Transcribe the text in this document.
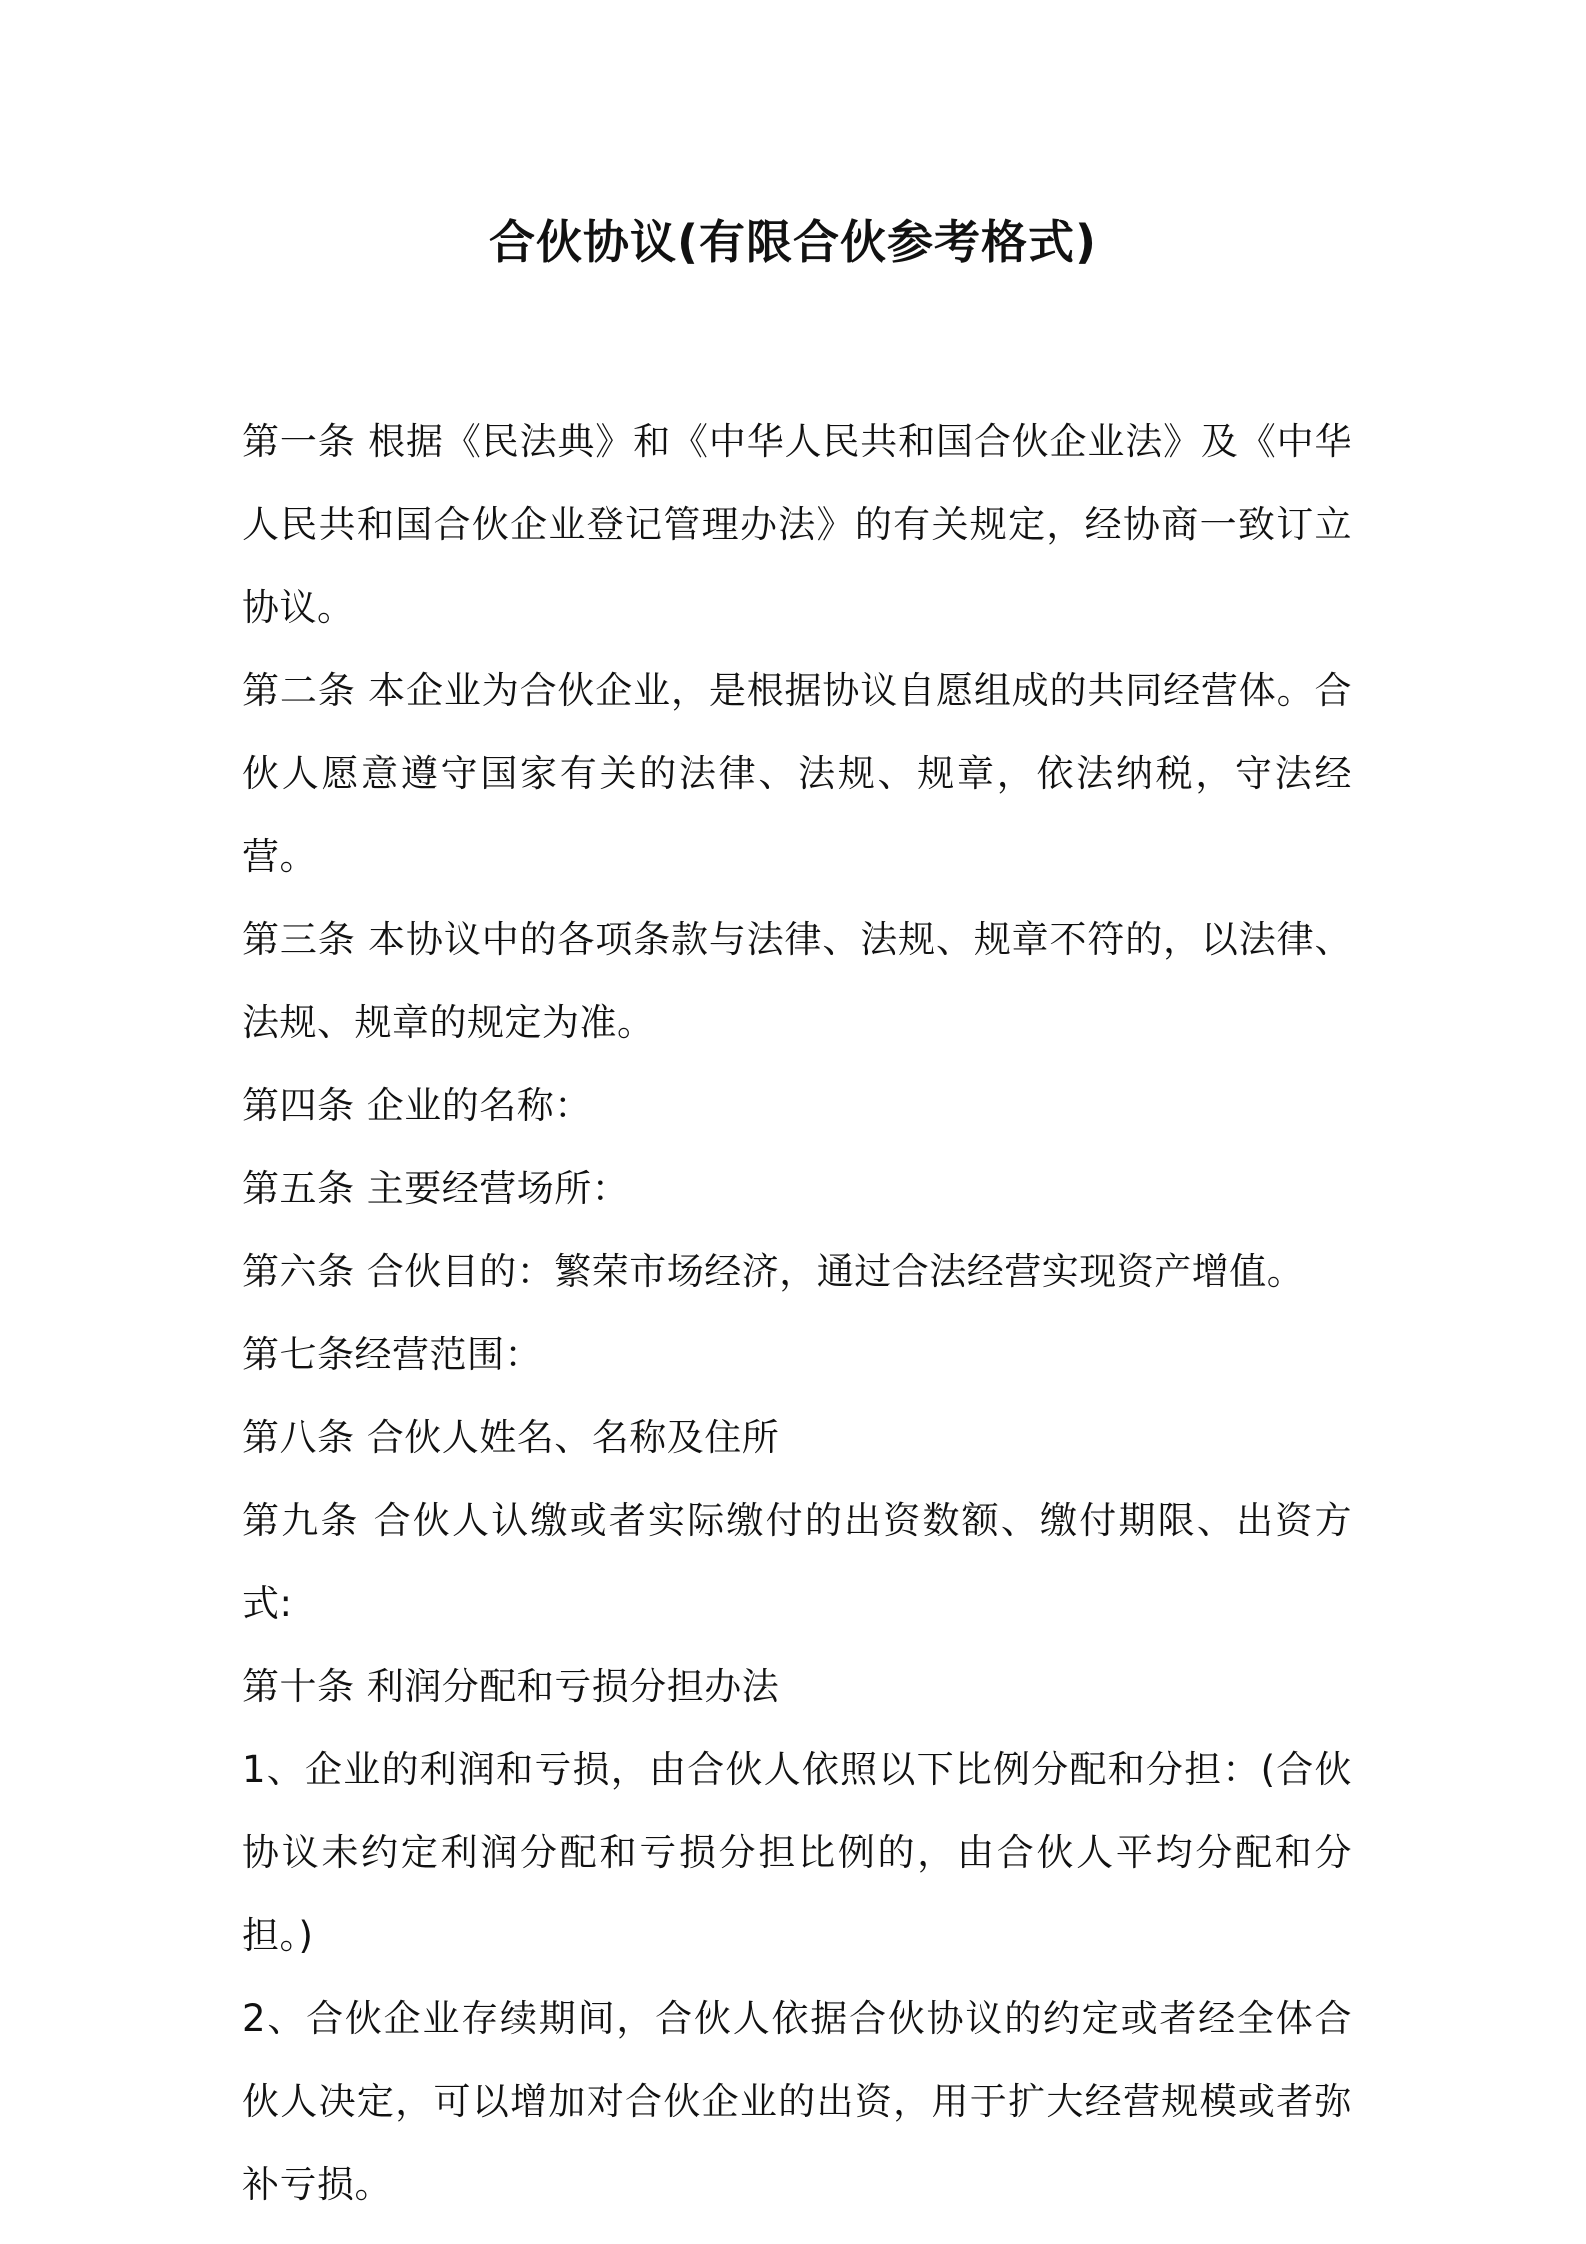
合伙协议(有限合伙参考格式)

第一条 根据《民法典》和《中华人民共和国合伙企业法》及《中华人民共和国合伙企业登记管理办法》的有关规定，经协商一致订立协议。

第二条 本企业为合伙企业，是根据协议自愿组成的共同经营体。合伙人愿意遵守国家有关的法律、法规、规章，依法纳税，守法经营。

第三条 本协议中的各项条款与法律、法规、规章不符的，以法律、法规、规章的规定为准。

第四条 企业的名称：

第五条 主要经营场所：

第六条 合伙目的：繁荣市场经济，通过合法经营实现资产增值。

第七条经营范围：

第八条 合伙人姓名、名称及住所

第九条 合伙人认缴或者实际缴付的出资数额、缴付期限、出资方式:

第十条 利润分配和亏损分担办法

1、企业的利润和亏损，由合伙人依照以下比例分配和分担：(合伙协议未约定利润分配和亏损分担比例的，由合伙人平均分配和分担。)

2、合伙企业存续期间，合伙人依据合伙协议的约定或者经全体合伙人决定，可以增加对合伙企业的出资，用于扩大经营规模或者弥补亏损。
